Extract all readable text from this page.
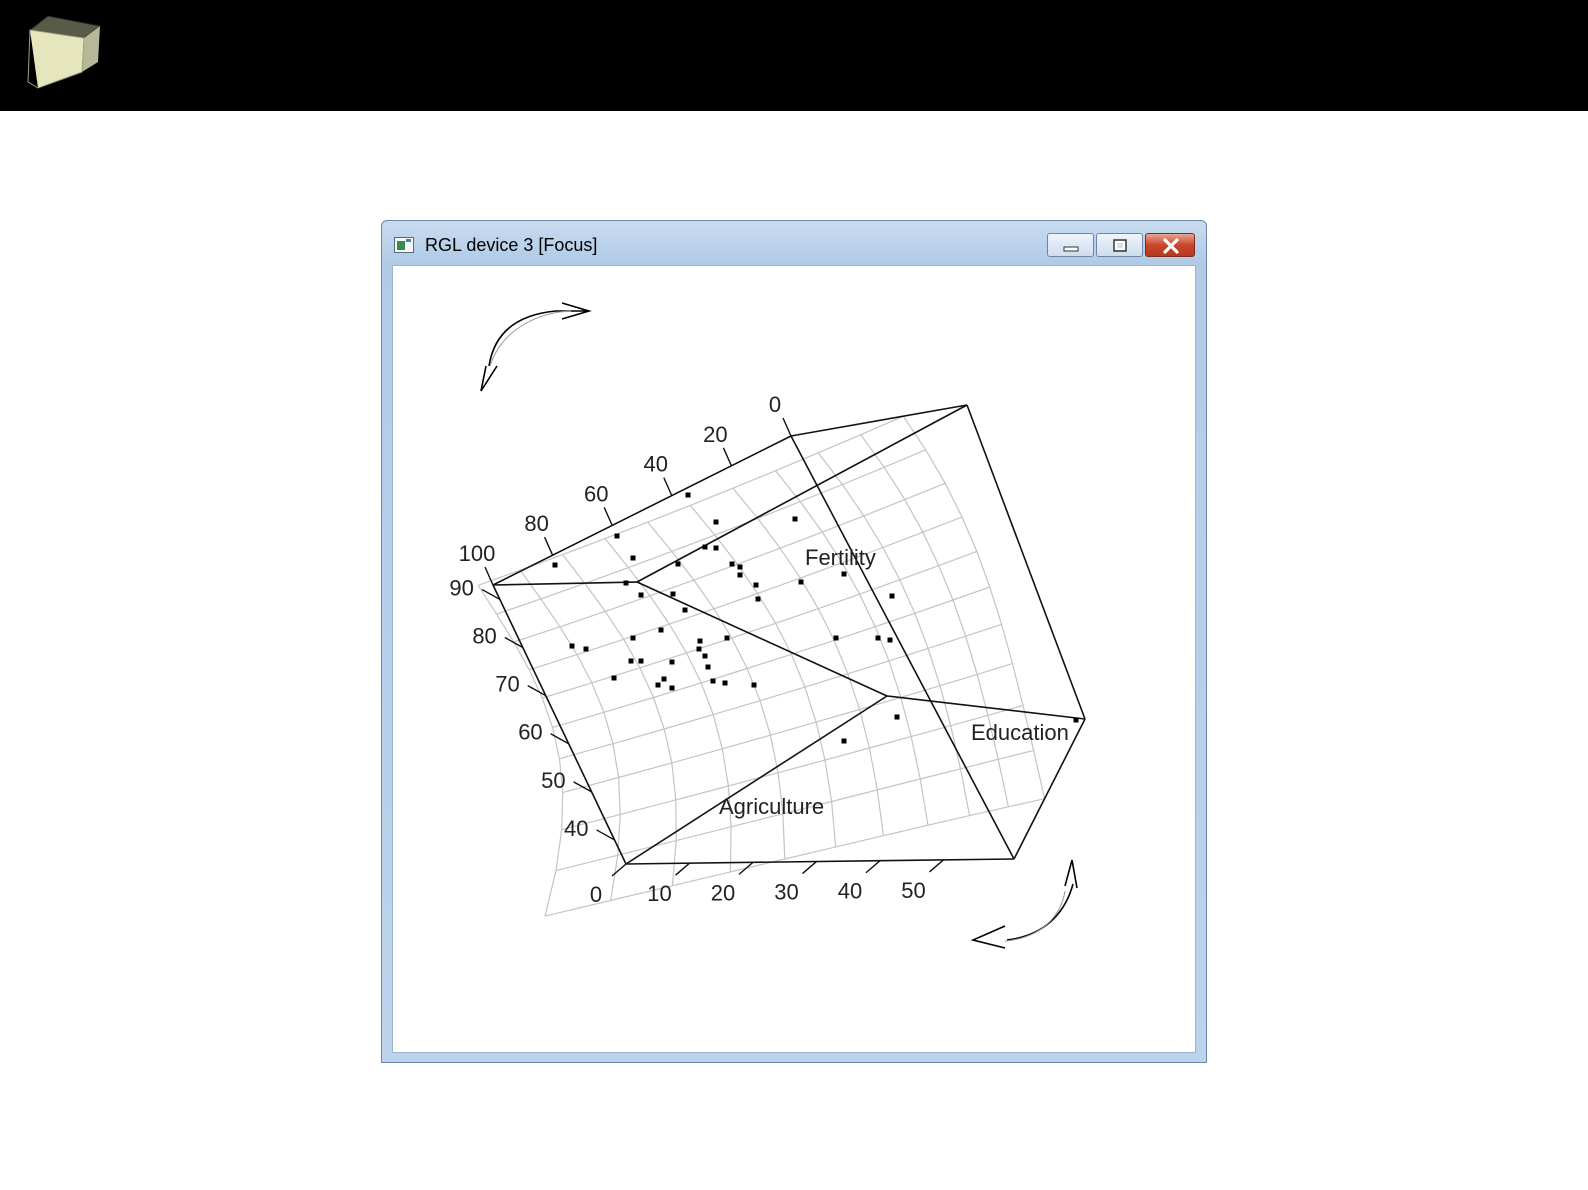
RGL device 3 [Focus]
0
20
40
60
80
100
40
50
60
70
80
90
0 10 20 30 40 50
Agriculture
Fertility
Education
